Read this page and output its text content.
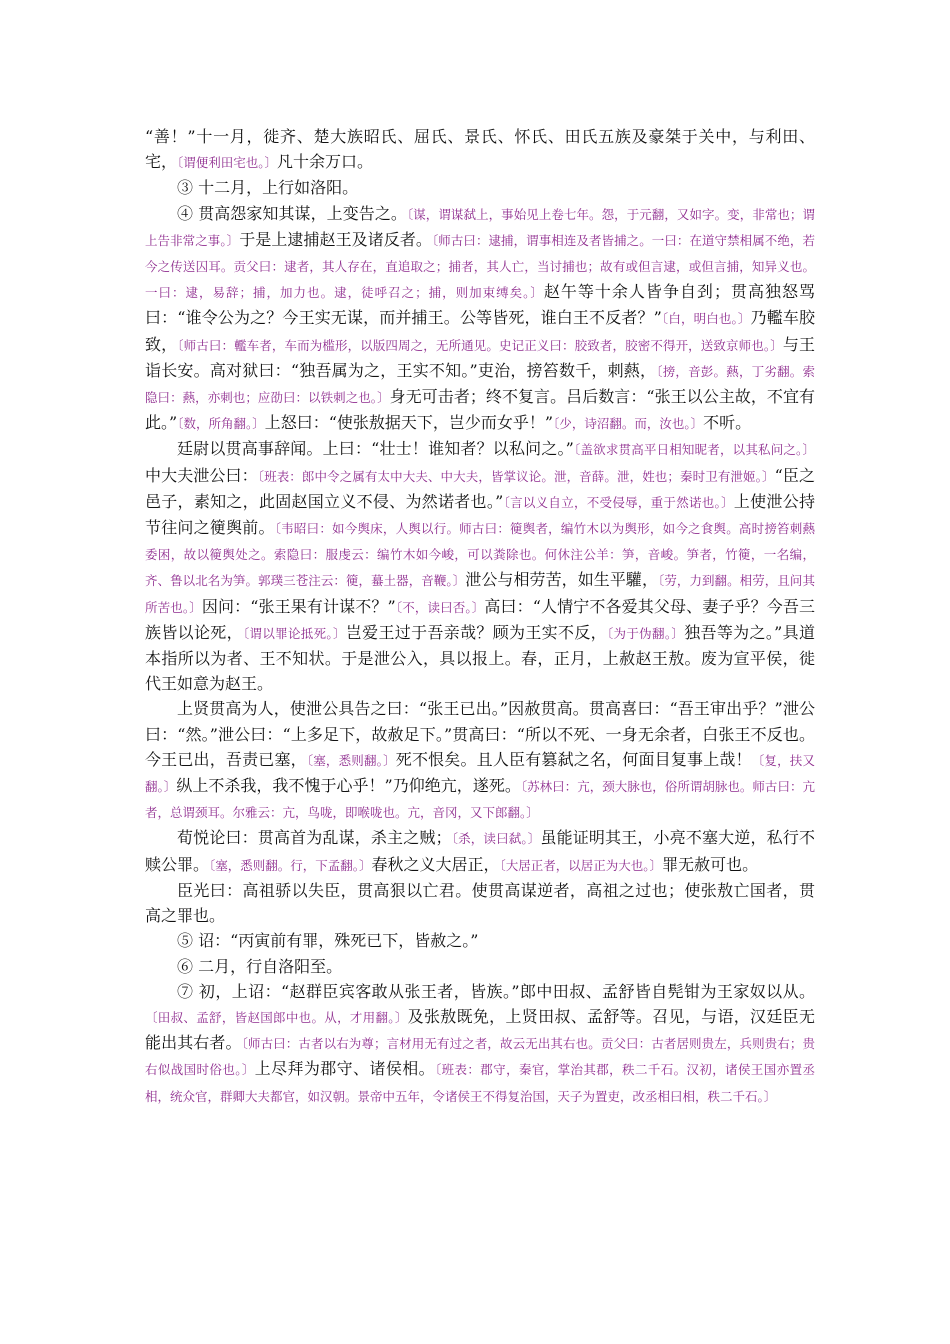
“善！”十一月，徙齐、楚大族昭氏、屈氏、景氏、怀氏、田氏五族及豪桀于关中，与利田、宅，〔谓便利田宅也。〕凡十余万口。

③ 十二月，上行如洛阳。

④ 贯高怨家知其谋，上变告之。〔谋，谓谋弑上，事始见上卷七年。怨，于元翻，又如字。变，非常也；谓上告非常之事。〕于是上逮捕赵王及诸反者。〔师古曰：逮捕，谓事相连及者皆捕之。一曰：在道守禁相属不绝，若今之传送囚耳。贡父曰：逮者，其人存在，直追取之；捕者，其人亡，当讨捕也；故有或但言逮，或但言捕，知异义也。一曰：逮，易辞；捕，加力也。逮，徒呼召之；捕，则加束缚矣。〕赵午等十余人皆争自刭；贯高独怒骂曰：“谁令公为之？今王实无谋，而并捕王。公等皆死，谁白王不反者？”〔白，明白也。〕乃轞车胶致，〔师古曰：轞车者，车而为槛形，以版四周之，无所通见。史记正义曰：胶致者，胶密不得开，送致京师也。〕与王诣长安。高对狱曰：“独吾属为之，王实不知。”吏治，搒笞数千，刺爇，〔搒，音彭。爇，丁劣翻。索隐曰：爇，亦刺也；应劭曰：以铁刺之也。〕身无可击者；终不复言。吕后数言：“张王以公主故，不宜有此。”〔数，所角翻。〕上怒曰：“使张敖据天下，岂少而女乎！”〔少，诗沼翻。而，汝也。〕不听。

廷尉以贯高事辞闻。上曰：“壮士！谁知者？以私问之。”〔盖欲求贯高平日相知昵者，以其私问之。〕中大夫泄公曰：〔班表：郎中令之属有太中大夫、中大夫，皆掌议论。泄，音薛。泄，姓也；秦时卫有泄姬。〕“臣之邑子，素知之，此固赵国立义不侵、为然诺者也。”〔言以义自立，不受侵辱，重于然诺也。〕上使泄公持节往问之箯舆前。〔韦昭曰：如今舆床，人舆以行。师古曰：箯舆者，编竹木以为舆形，如今之食舆。高时搒笞刺爇委困，故以箯舆处之。索隐曰：服虔云：编竹木如今峻，可以粪除也。何休注公羊：笋，音峻。笋者，竹箯，一名编，齐、鲁以北名为笋。郭璞三苍注云：箯，蟇土器，音鞭。〕泄公与相劳苦，如生平驩，〔劳，力到翻。相劳，且问其所苦也。〕因问：“张王果有计谋不？”〔不，读曰否。〕高曰：“人情宁不各爱其父母、妻子乎？今吾三族皆以论死，〔谓以罪论抵死。〕岂爱王过于吾亲哉？顾为王实不反，〔为于伪翻。〕独吾等为之。”具道本指所以为者、王不知状。于是泄公入，具以报上。春，正月，上赦赵王敖。废为宣平侯，徙代王如意为赵王。

上贤贯高为人，使泄公具告之曰：“张王已出。”因赦贯高。贯高喜曰：“吾王审出乎？”泄公曰：“然。”泄公曰：“上多足下，故赦足下。”贯高曰：“所以不死、一身无余者，白张王不反也。今王已出，吾责已塞，〔塞，悉则翻。〕死不恨矣。且人臣有篡弑之名，何面目复事上哉！〔复，扶又翻。〕纵上不杀我，我不愧于心乎！”乃仰绝亢，遂死。〔苏林曰：亢，颈大脉也，俗所谓胡脉也。师古曰：亢者，总谓颈耳。尔雅云：亢，鸟咙，即喉咙也。亢，音冈，又下郎翻。〕

荀悦论曰：贯高首为乱谋，杀主之贼；〔杀，读曰弑。〕虽能证明其王，小亮不塞大逆，私行不赎公罪。〔塞，悉则翻。行，下孟翻。〕春秋之义大居正，〔大居正者，以居正为大也。〕罪无赦可也。

臣光曰：高祖骄以失臣，贯高狠以亡君。使贯高谋逆者，高祖之过也；使张敖亡国者，贯高之罪也。

⑤ 诏：“丙寅前有罪，殊死已下，皆赦之。”

⑥ 二月，行自洛阳至。

⑦ 初，上诏：“赵群臣宾客敢从张王者，皆族。”郎中田叔、孟舒皆自髡钳为王家奴以从。〔田叔、孟舒，皆赵国郎中也。从，才用翻。〕及张敖既免，上贤田叔、孟舒等。召见，与语，汉廷臣无能出其右者。〔师古曰：古者以右为尊；言材用无有过之者，故云无出其右也。贡父曰：古者居则贵左，兵则贵右；贵右似战国时俗也。〕上尽拜为郡守、诸侯相。〔班表：郡守，秦官，掌治其郡，秩二千石。汉初，诸侯王国亦置丞相，统众官，群卿大夫都官，如汉朝。景帝中五年，令诸侯王不得复治国，天子为置吏，改丞相曰相，秩二千石。〕
